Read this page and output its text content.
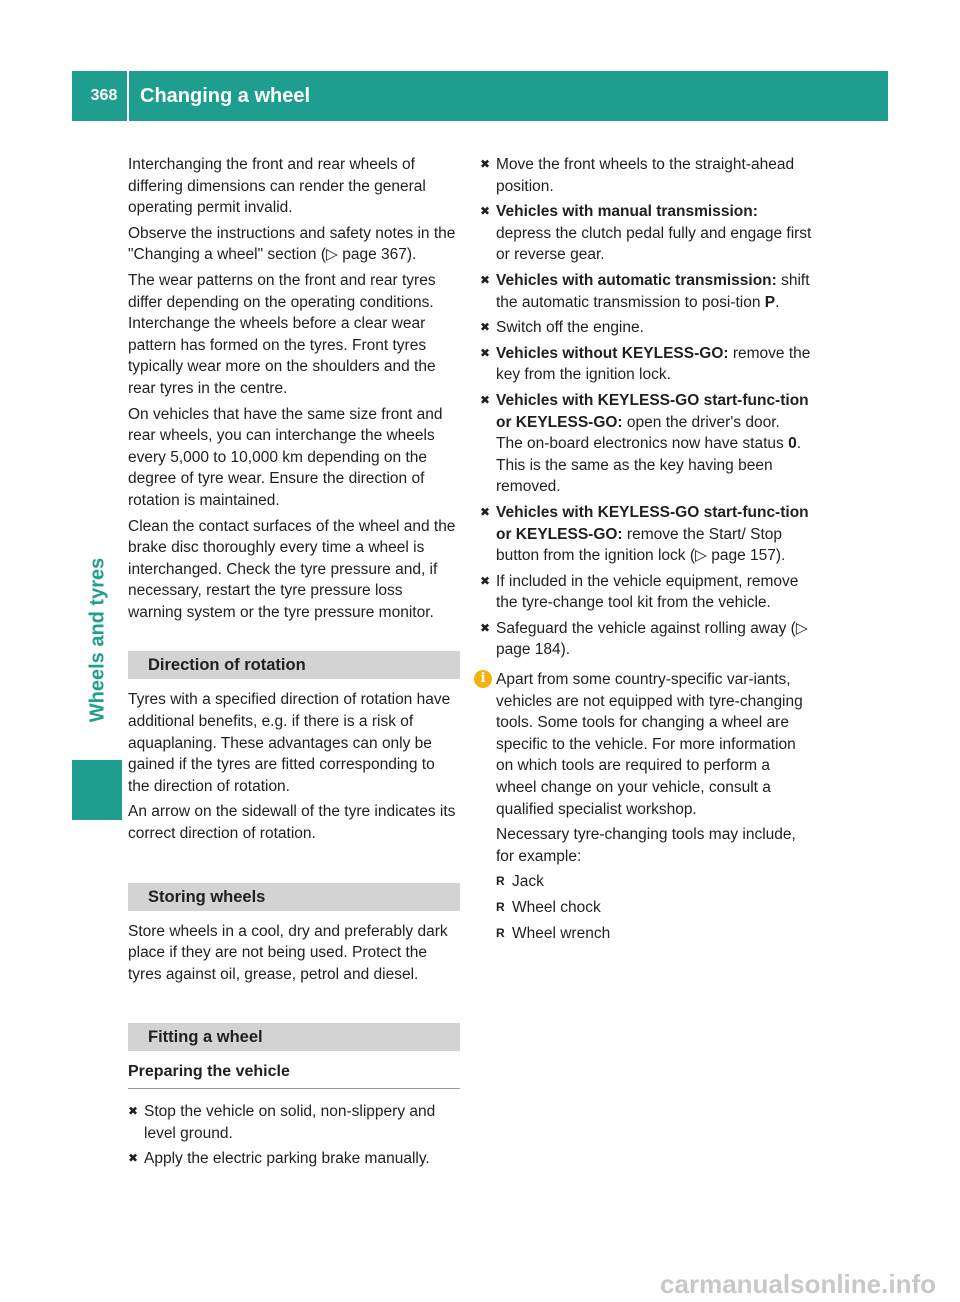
368	Changing a wheel
Wheels and tyres

Interchanging the front and rear wheels of differing dimensions can render the general operating permit invalid.

Observe the instructions and safety notes in the "Changing a wheel" section (▷ page 367).

The wear patterns on the front and rear tyres differ depending on the operating conditions. Interchange the wheels before a clear wear pattern has formed on the tyres. Front tyres typically wear more on the shoulders and the rear tyres in the centre.

On vehicles that have the same size front and rear wheels, you can interchange the wheels every 5,000 to 10,000 km depending on the degree of tyre wear. Ensure the direction of rotation is maintained.

Clean the contact surfaces of the wheel and the brake disc thoroughly every time a wheel is interchanged. Check the tyre pressure and, if necessary, restart the tyre pressure loss warning system or the tyre pressure monitor.

Direction of rotation

Tyres with a specified direction of rotation have additional benefits, e.g. if there is a risk of aquaplaning. These advantages can only be gained if the tyres are fitted corresponding to the direction of rotation.

An arrow on the sidewall of the tyre indicates its correct direction of rotation.

Storing wheels

Store wheels in a cool, dry and preferably dark place if they are not being used. Protect the tyres against oil, grease, petrol and diesel.

Fitting a wheel
Preparing the vehicle
✖ Stop the vehicle on solid, non-slippery and level ground.
✖ Apply the electric parking brake manually.
✖ Move the front wheels to the straight-ahead position.
✖ Vehicles with manual transmission: depress the clutch pedal fully and engage first or reverse gear.
✖ Vehicles with automatic transmission: shift the automatic transmission to posi-tion P.
✖ Switch off the engine.
✖ Vehicles without KEYLESS-GO: remove the key from the ignition lock.
✖ Vehicles with KEYLESS-GO start-func-tion or KEYLESS-GO: open the driver's door.
The on-board electronics now have status 0. This is the same as the key having been removed.
✖ Vehicles with KEYLESS-GO start-func-tion or KEYLESS-GO: remove the Start/ Stop button from the ignition lock (▷ page 157).
✖ If included in the vehicle equipment, remove the tyre-change tool kit from the vehicle.
✖ Safeguard the vehicle against rolling away (▷ page 184).
i Apart from some country-specific var-iants, vehicles are not equipped with tyre-changing tools. Some tools for changing a wheel are specific to the vehicle. For more information on which tools are required to perform a wheel change on your vehicle, consult a qualified specialist workshop.

Necessary tyre-changing tools may include, for example:

R Jack
R Wheel chock
R Wheel wrench
carmanualsonline.info
